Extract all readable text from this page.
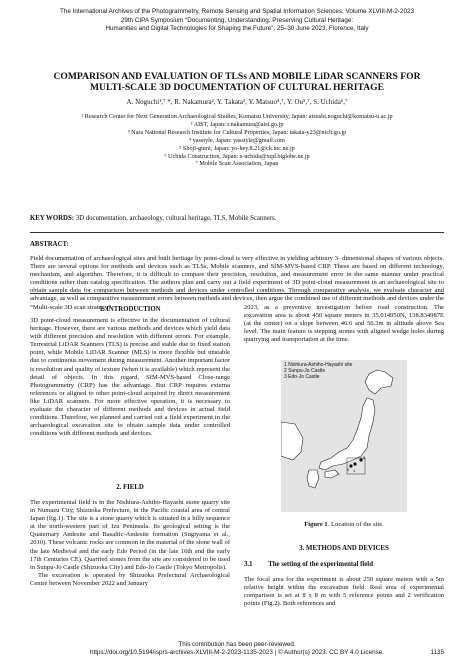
The International Archives of the Photogrammetry, Remote Sensing and Spatial Information Sciences, Volume XLVIII-M-2-2023
29th CIPA Symposium “Documenting, Understanding, Preserving Cultural Heritage:
Humanities and Digital Technologies for Shaping the Future”, 25–30 June 2023, Florence, Italy
COMPARISON AND EVALUATION OF TLSs AND MOBILE LiDAR SCANNERS FOR
MULTI-SCALE 3D DOCUMENTATION OF CULTURAL HERITAGE
A. Noguchi¹,⁷ *, R. Nakamura², Y. Takata³, Y. Matsuo⁴,⁷, Y. Ou⁵,⁷, S. Uchida⁶,⁷
¹ Research Center for Next Generation Archaeological Studies, Komatsu University, Japan: atsushi.noguchi@komatsu-u.ac.jp
² AIST, Japan: r.nakamura@aist.go.jp
³ Nara National Research Institute for Cultural Properties, Japan: takata-y23@nich.go.jp
⁴ yasstyle, Japan: yasstyle@gmail.com
⁵ Shoji-gumi, Japan: yo-hey.8.21@ck.tnc.ne.jp
⁶ Uchida Construction, Japan: s-uchida@xqd.biglobe.ne.jp
⁷ Mobile Scan Association, Japan
KEY WORDS: 3D documentation, archaeology, cultural heritage, TLS, Mobile Scanners.
ABSTRACT:
Field documentation of archaeological sites and built heritage by point-cloud is very effective in yielding arbitrary 3- dimensional shapes of various objects. There are several options for methods and devices such as TLSs, Mobile scanners, and SfM-MVS-based CRP. These are based on different technology, mechanism, and algorithm. Therefore, it is difficult to compare their precision, resolution, and measurement error in the same manner under practical conditions rather than catalog specification. The authors plan and carry out a field experiment of 3D point-cloud measurement in an archaeological site to obtain sample data for comparison between methods and devices under controlled conditions. Through comparative analysis, we evaluate character and advantage, as well as comparative measurement errors between methods and devices, then argue the combined use of different methods and devices under the “Multi-scale 3D scan strategy”.
1. INTRODUCTION
3D point-cloud measurement is effective in the documentation of cultural heritage. However, there are various methods and devices which yield data with different precision and resolution with different errors. For example, Terrestrial LiDAR Scanners (TLS) is precise and stable due to fixed station point, while Mobile LiDAR Scanner (MLS) is more flexible but unstable due to continuous movement during measurement. Another important factor is resolution and quality of texture (when it is available) which represent the detail of objects. In this regard, SfM-MVS-based Close-range Photogrammetry (CRP) has the advantage. But CRP requires externa references or aligned to other point-cloud acquired by direct measurement like LiDAR scanners. For more effective operation, it is necessary to evaluate the character of different methods and devices in actual field conditions. Therefore, we planned and carried out a field experiment in the archaeological excavation site to obtain sample data under controlled conditions with different methods and devices.
2. FIELD
The experimental field is in the Nishiura-Ashiho-Hayashi stone quarry site in Numazu City, Shizuoka Prefecture, in the Pacific coastal area of central Japan (fig.1). The site is a stone quarry which is situated in a hilly sequence at the north-western part of Izu Peninsula. Its geological setting is the Quaternary Andesite and Basaltic-Andesite formation (Sugiyama et al., 2010). These volcanic rocks are common in the material of the stone wall of the late Medieval and the early Edo Period (in the late 16th and the early 17th Centuries CE). Quarried stones from the site are considered to be used in Sunpu-Jo Castle (Shizuoka City) and Edo-Jo Castle (Tokyo Metropolis).
The excavation is operated by Shizuoka Prefectural Archaeological Centre between November 2022 and January
2023, as a preventive investigation before road construction. The excavation area is about 450 square meters in 35.014950N, 138.834987E (at the center) on a slope between 46.6 and 50.3m in altitude above Sea level. The main feature is stepping stones with aligned wedge holes during quarrying and transportation at the time.
1
2
3
1 Nishiura-Ashiho-Hayashi site
2 Sunpu-Jo Castle
3 Edo-Jo Castle
Figure 1. Location of the site.
3. METHODS AND DEVICES
3.1 The setting of the experimental field
The focal area for the experiment is about 250 square meters with a 5m relative height within the excavation field. Real area of experimental comparison is set at 8 x 8 m with 5 reference points and 2 verification points (Fig.2). Both references and
This contribution has been peer-reviewed.
https://doi.org/10.5194/isprs-archives-XLVIII-M-2-2023-1135-2023 | © Author(s) 2023. CC BY 4.0 License.	1135
